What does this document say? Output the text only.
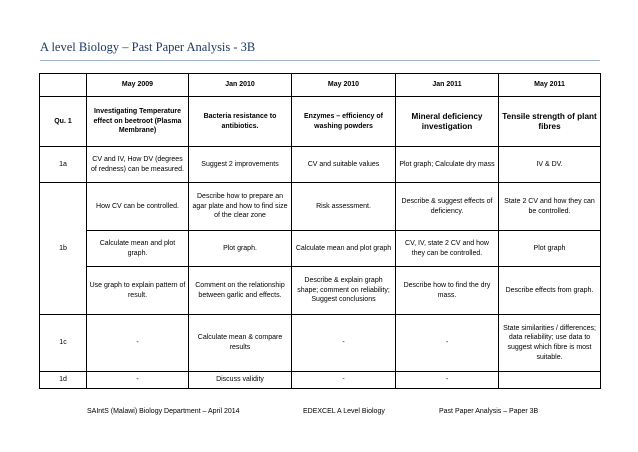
A level Biology – Past Paper Analysis - 3B
	May 2009	Jan 2010	May 2010	Jan 2011	May 2011
Qu. 1	Investigating Temperature effect on beetroot (Plasma Membrane)	Bacteria resistance to antibiotics.	Enzymes – efficiency of washing powders	Mineral deficiency investigation	Tensile strength of plant fibres
1a	CV and IV, How DV (degrees of redness) can be measured.	Suggest 2 improvements	CV and suitable values	Plot graph; Calculate dry mass	IV & DV.
1b	How CV can be controlled.	Describe how to prepare an agar plate and how to find size of the clear zone	Risk assessment.	Describe & suggest effects of deficiency.	State 2 CV and how they can be controlled.
	Calculate mean and plot graph.	Plot graph.	Calculate mean and plot graph	CV, IV, state 2 CV and how they can be controlled.	Plot graph
	Use graph to explain pattern of result.	Comment on the relationship between garlic and effects.	Describe & explain graph shape; comment on reliability; Suggest conclusions	Describe how to find the dry mass.	Describe effects from graph.
1c	-	Calculate mean & compare results	-	-	State similarities / differences; data reliability; use data to suggest which fibre is most suitable.
1d	-	Discuss validity	-	-	
SAIntS (Malawi) Biology Department – April 2014	EDEXCEL A Level Biology	Past Paper Analysis – Paper 3B
